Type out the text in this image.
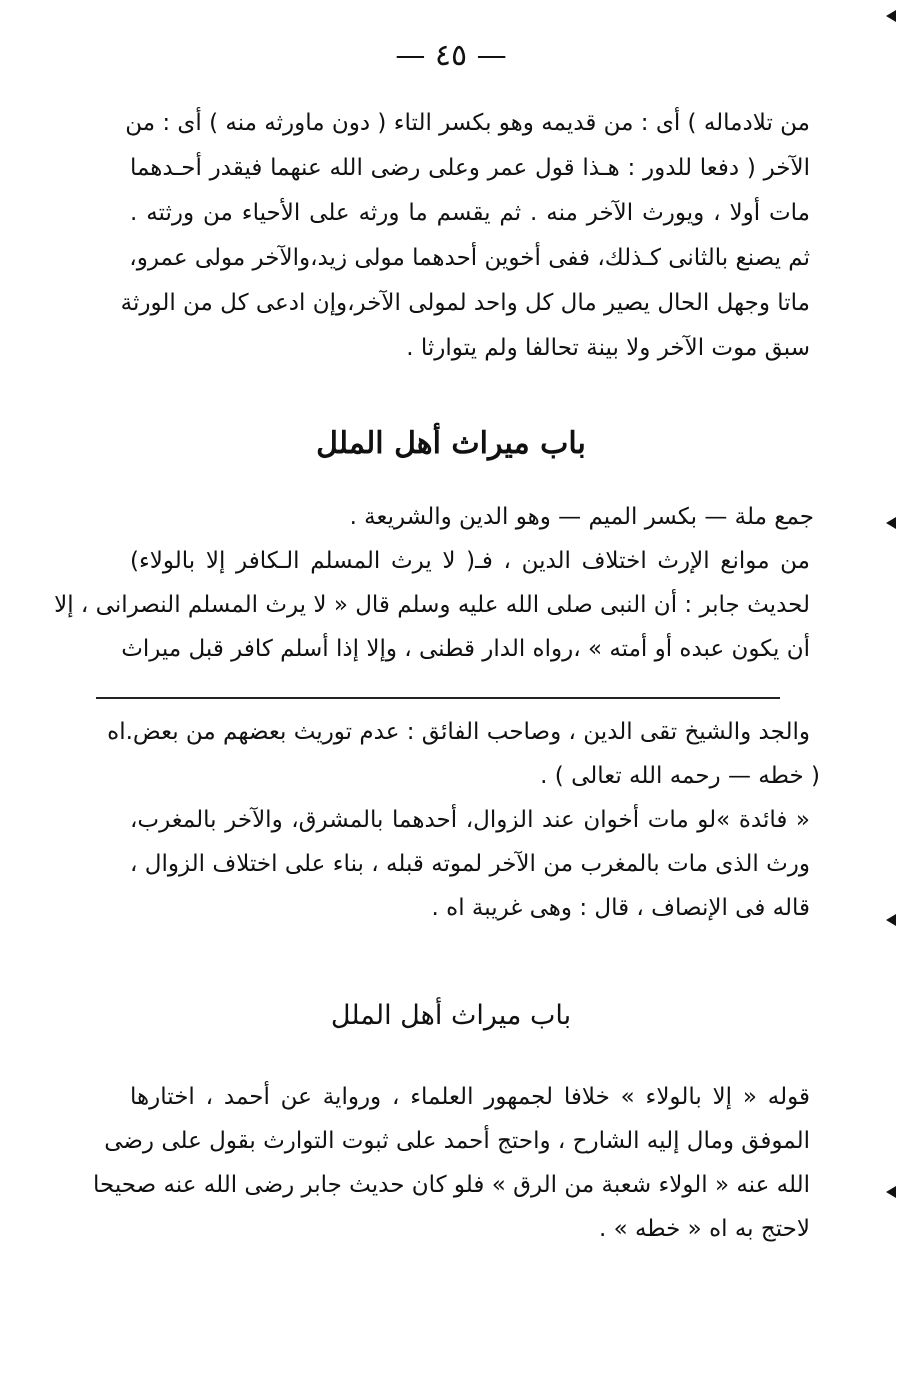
— ٤٥ —
من تلادماله ) أى : من قديمه وهو بكسر التاء ( دون ماورثه منه ) أى : من
الآخر ( دفعا للدور : هـذا قول عمر وعلى رضى الله عنهما فيقدر أحـدهما
مات أولا ، ويورث الآخر منه . ثم يقسم ما ورثه على الأحياء من ورثته .
ثم يصنع بالثانى كـذلك، ففى أخوين أحدهما مولى زيد،والآخر مولى عمرو،
ماتا وجهل الحال يصير مال كل واحد لمولى الآخر،وإن ادعى كل من الورثة
سبق موت الآخر ولا بينة تحالفا ولم يتوارثا .
باب ميراث أهل الملل
جمع ملة — بكسر الميم — وهو الدين والشريعة .
من موانع الإرث اختلاف الدين ، فـ( لا يرث المسلم الـكافر إلا بالولاء)
لحديث جابر : أن النبى صلى الله عليه وسلم قال « لا يرث المسلم النصرانى ، إلا
أن يكون عبده أو أمته » ،رواه الدار قطنى ، وإلا إذا أسلم كافر قبل ميراث
والجد والشيخ تقى الدين ، وصاحب الفائق : عدم توريث بعضهم من بعض.اه
( خطه — رحمه الله تعالى ) .
« فائدة »لو مات أخوان عند الزوال، أحدهما بالمشرق، والآخر بالمغرب،
ورث الذى مات بالمغرب من الآخر لموته قبله ، بناء على اختلاف الزوال ،
قاله فى الإنصاف ، قال : وهى غريبة اه .
باب ميراث أهل الملل
قوله « إلا بالولاء » خلافا لجمهور العلماء ، ورواية عن أحمد ، اختارها
الموفق ومال إليه الشارح ، واحتج أحمد على ثبوت التوارث بقول على رضى
الله عنه « الولاء شعبة من الرق » فلو كان حديث جابر رضى الله عنه صحيحا
لاحتج به اه « خطه » .
